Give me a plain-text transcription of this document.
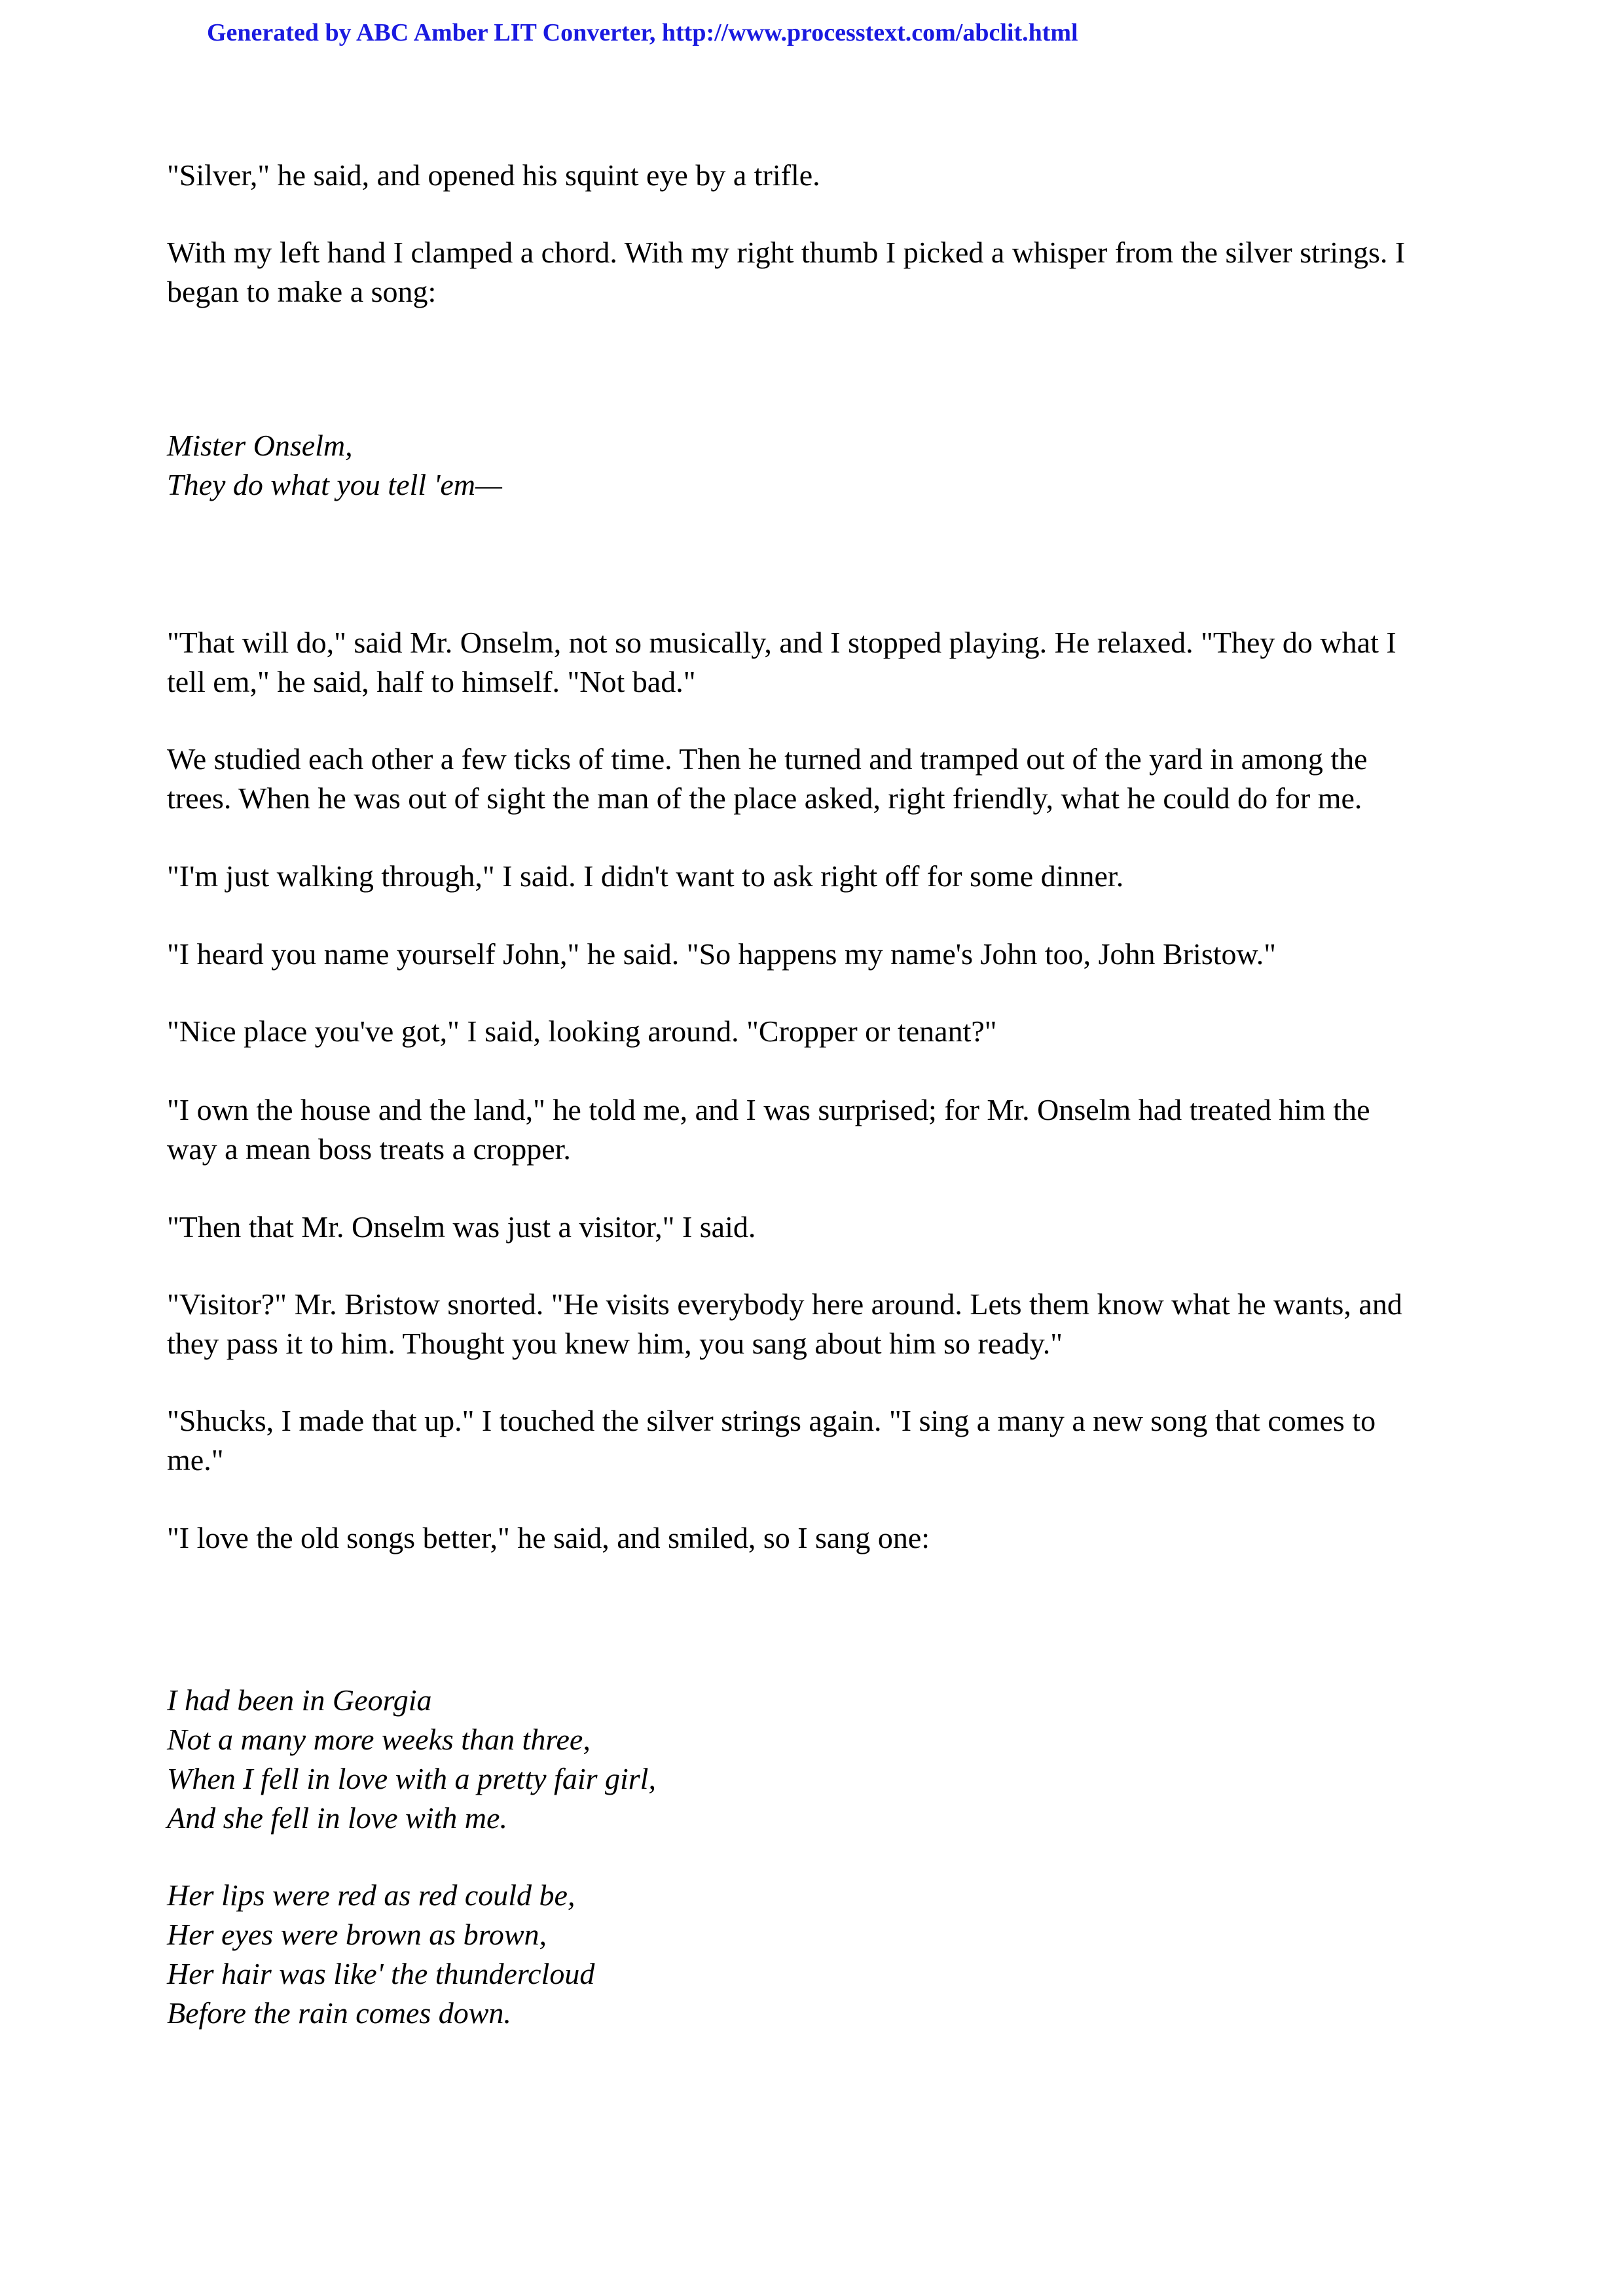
Generated by ABC Amber LIT Converter, http://www.processtext.com/abclit.html
"Silver," he said, and opened his squint eye by a trifle.
With my left hand I clamped a chord. With my right thumb I picked a whisper from the silver strings. I
began to make a song:
Mister Onselm,
They do what you tell 'em—
"That will do," said Mr. Onselm, not so musically, and I stopped playing. He relaxed. "They do what I
tell em," he said, half to himself. "Not bad."
We studied each other a few ticks of time. Then he turned and tramped out of the yard in among the
trees. When he was out of sight the man of the place asked, right friendly, what he could do for me.
"I'm just walking through," I said. I didn't want to ask right off for some dinner.
"I heard you name yourself John," he said. "So happens my name's John too, John Bristow."
"Nice place you've got," I said, looking around. "Cropper or tenant?"
"I own the house and the land," he told me, and I was surprised; for Mr. Onselm had treated him the
way a mean boss treats a cropper.
"Then that Mr. Onselm was just a visitor," I said.
"Visitor?" Mr. Bristow snorted. "He visits everybody here around. Lets them know what he wants, and
they pass it to him. Thought you knew him, you sang about him so ready."
"Shucks, I made that up." I touched the silver strings again. "I sing a many a new song that comes to
me."
"I love the old songs better," he said, and smiled, so I sang one:
I had been in Georgia
Not a many more weeks than three,
When I fell in love with a pretty fair girl,
And she fell in love with me.
Her lips were red as red could be,
Her eyes were brown as brown,
Her hair was like' the thundercloud
Before the rain comes down.
